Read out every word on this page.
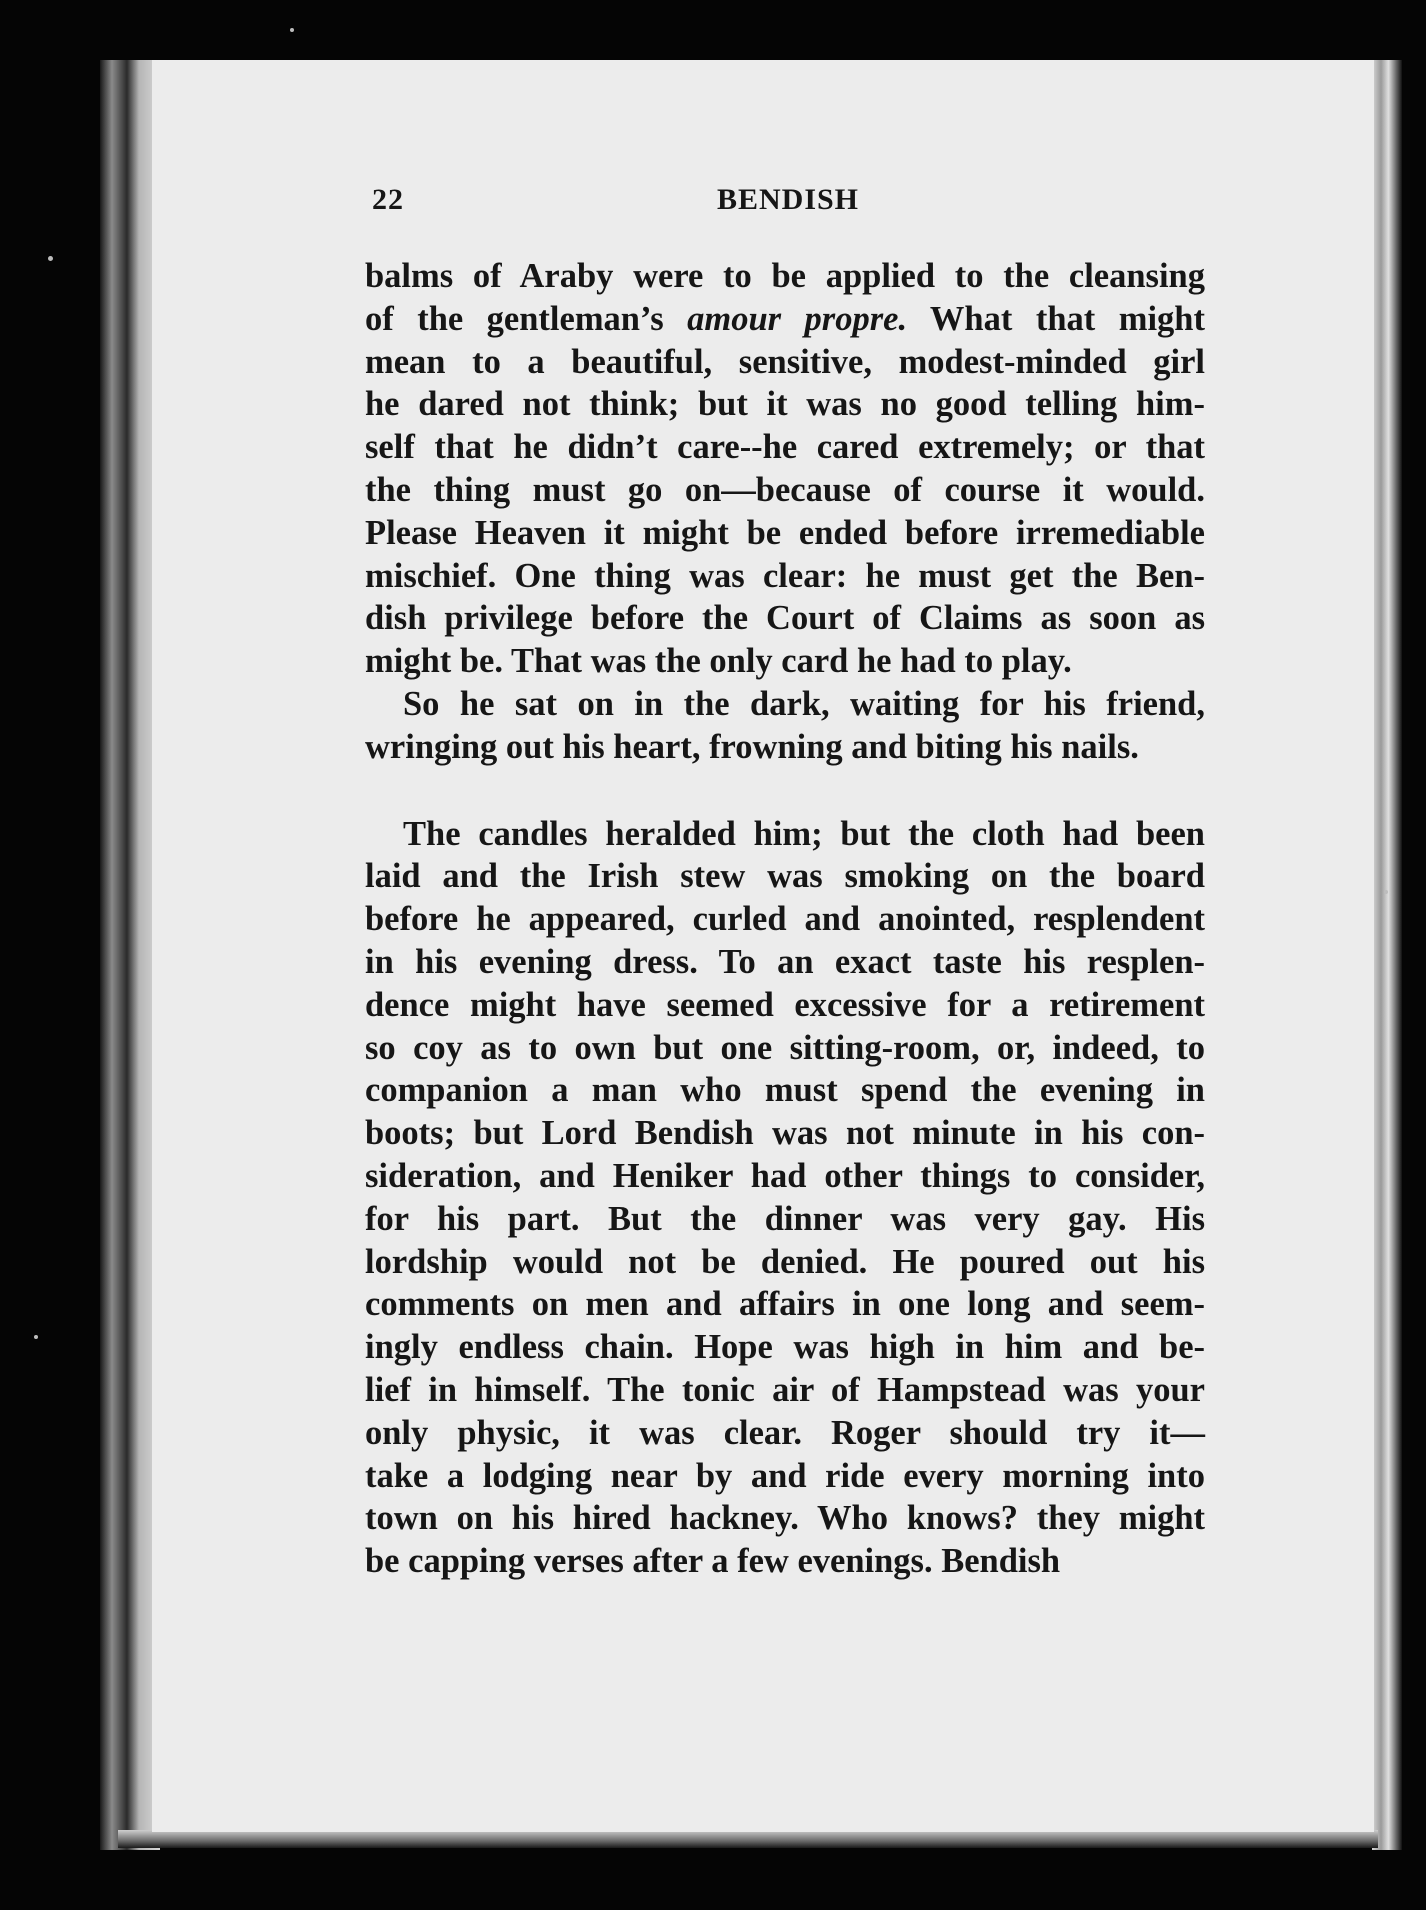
22	BENDISH
balms of Araby were to be applied to the cleansing
of the gentleman’s amour propre. What that might
mean to a beautiful, sensitive, modest-minded girl
he dared not think; but it was no good telling him-
self that he didn’t care--he cared extremely; or that
the thing must go on—because of course it would.
Please Heaven it might be ended before irremediable
mischief. One thing was clear: he must get the Ben-
dish privilege before the Court of Claims as soon as
might be. That was the only card he had to play.
So he sat on in the dark, waiting for his friend,
wringing out his heart, frowning and biting his nails.
The candles heralded him; but the cloth had been
laid and the Irish stew was smoking on the board
before he appeared, curled and anointed, resplendent
in his evening dress. To an exact taste his resplen-
dence might have seemed excessive for a retirement
so coy as to own but one sitting-room, or, indeed, to
companion a man who must spend the evening in
boots; but Lord Bendish was not minute in his con-
sideration, and Heniker had other things to consider,
for his part. But the dinner was very gay. His
lordship would not be denied. He poured out his
comments on men and affairs in one long and seem-
ingly endless chain. Hope was high in him and be-
lief in himself. The tonic air of Hampstead was your
only physic, it was clear. Roger should try it—
take a lodging near by and ride every morning into
town on his hired hackney. Who knows? they might
be capping verses after a few evenings. Bendish
